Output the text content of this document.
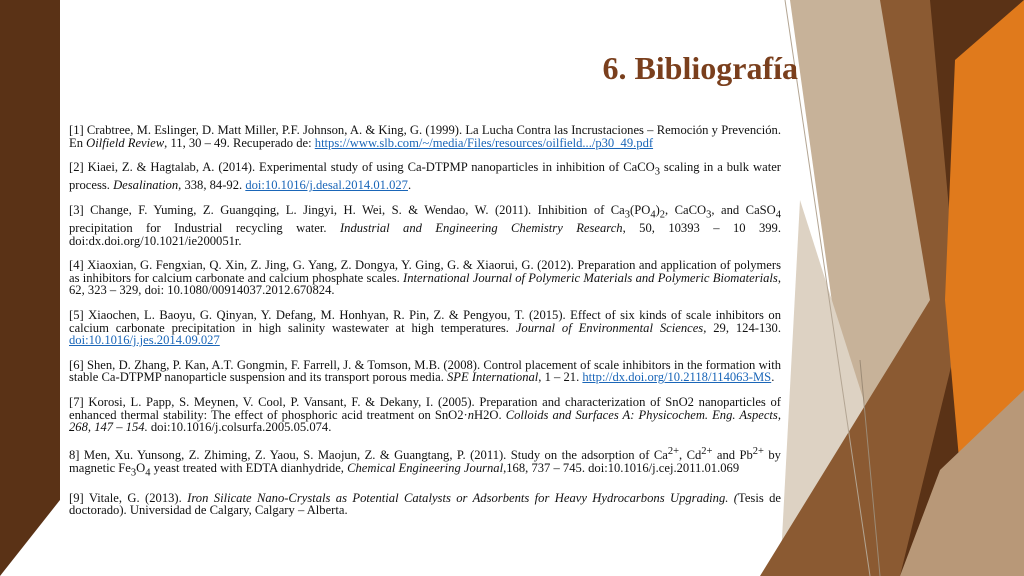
6. Bibliografía

[1] Crabtree, M. Eslinger, D. Matt Miller, P.F. Johnson, A. & King, G. (1999). La Lucha Contra las Incrustaciones – Remoción y Prevención. En Oilfield Review, 11, 30 – 49. Recuperado de: https://www.slb.com/~/media/Files/resources/oilfield.../p30_49.pdf

[2] Kiaei, Z. & Hagtalab, A. (2014). Experimental study of using Ca-DTPMP nanoparticles in inhibition of CaCO$_3$ scaling in a bulk water process. Desalination, 338, 84-92. doi:10.1016/j.desal.2014.01.027.

[3] Change, F. Yuming, Z. Guangqing, L. Jingyi, H. Wei, S. & Wendao, W. (2011). Inhibition of $Ca_3(PO_4)_2$, CaCO$_3$, and CaSO$_4$ precipitation for Industrial recycling water. Industrial and Engineering Chemistry Research, 50, 10393 – 10 399. doi:dx.doi.org/10.1021/ie200051r.

[4] Xiaoxian, G. Fengxian, Q. Xin, Z. Jing, G. Yang, Z. Dongya, Y. Ging, G. & Xiaorui, G. (2012). Preparation and application of polymers as inhibitors for calcium carbonate and calcium phosphate scales. International Journal of Polymeric Materials and Polymeric Biomaterials, 62, 323 – 329, doi: 10.1080/00914037.2012.670824.

[5] Xiaochen, L. Baoyu, G. Qinyan, Y. Defang, M. Honhyan, R. Pin, Z. & Pengyou, T. (2015). Effect of six kinds of scale inhibitors on calcium carbonate precipitation in high salinity wastewater at high temperatures. Journal of Environmental Sciences, 29, 124-130. doi:10.1016/j.jes.2014.09.027

[6] Shen, D. Zhang, P. Kan, A.T. Gongmin, F. Farrell, J. & Tomson, M.B. (2008). Control placement of scale inhibitors in the formation with stable Ca-DTPMP nanoparticle suspension and its transport porous media. SPE International, 1 – 21. http://dx.doi.org/10.2118/114063-MS.

[7] Korosi, L. Papp, S. Meynen, V. Cool, P. Vansant, F. & Dekany, I. (2005). Preparation and characterization of SnO2 nanoparticles of enhanced thermal stability: The effect of phosphoric acid treatment on SnO2·nH2O. Colloids and Surfaces A: Physicochem. Eng. Aspects, 268, 147 – 154. doi:10.1016/j.colsurfa.2005.05.074.

8] Men, Xu. Yunsong, Z. Zhiming, Z. Yaou, S. Maojun, Z. & Guangtang, P. (2011). Study on the adsorption of $Ca^{2+}$, $Cd^{2+}$ and $Pb^{2+}$ by magnetic $Fe_3O_4$ yeast treated with EDTA dianhydride, Chemical Engineering Journal,168, 737 – 745. doi:10.1016/j.cej.2011.01.069

[9] Vitale, G. (2013). Iron Silicate Nano-Crystals as Potential Catalysts or Adsorbents for Heavy Hydrocarbons Upgrading. (Tesis de doctorado). Universidad de Calgary, Calgary – Alberta.
